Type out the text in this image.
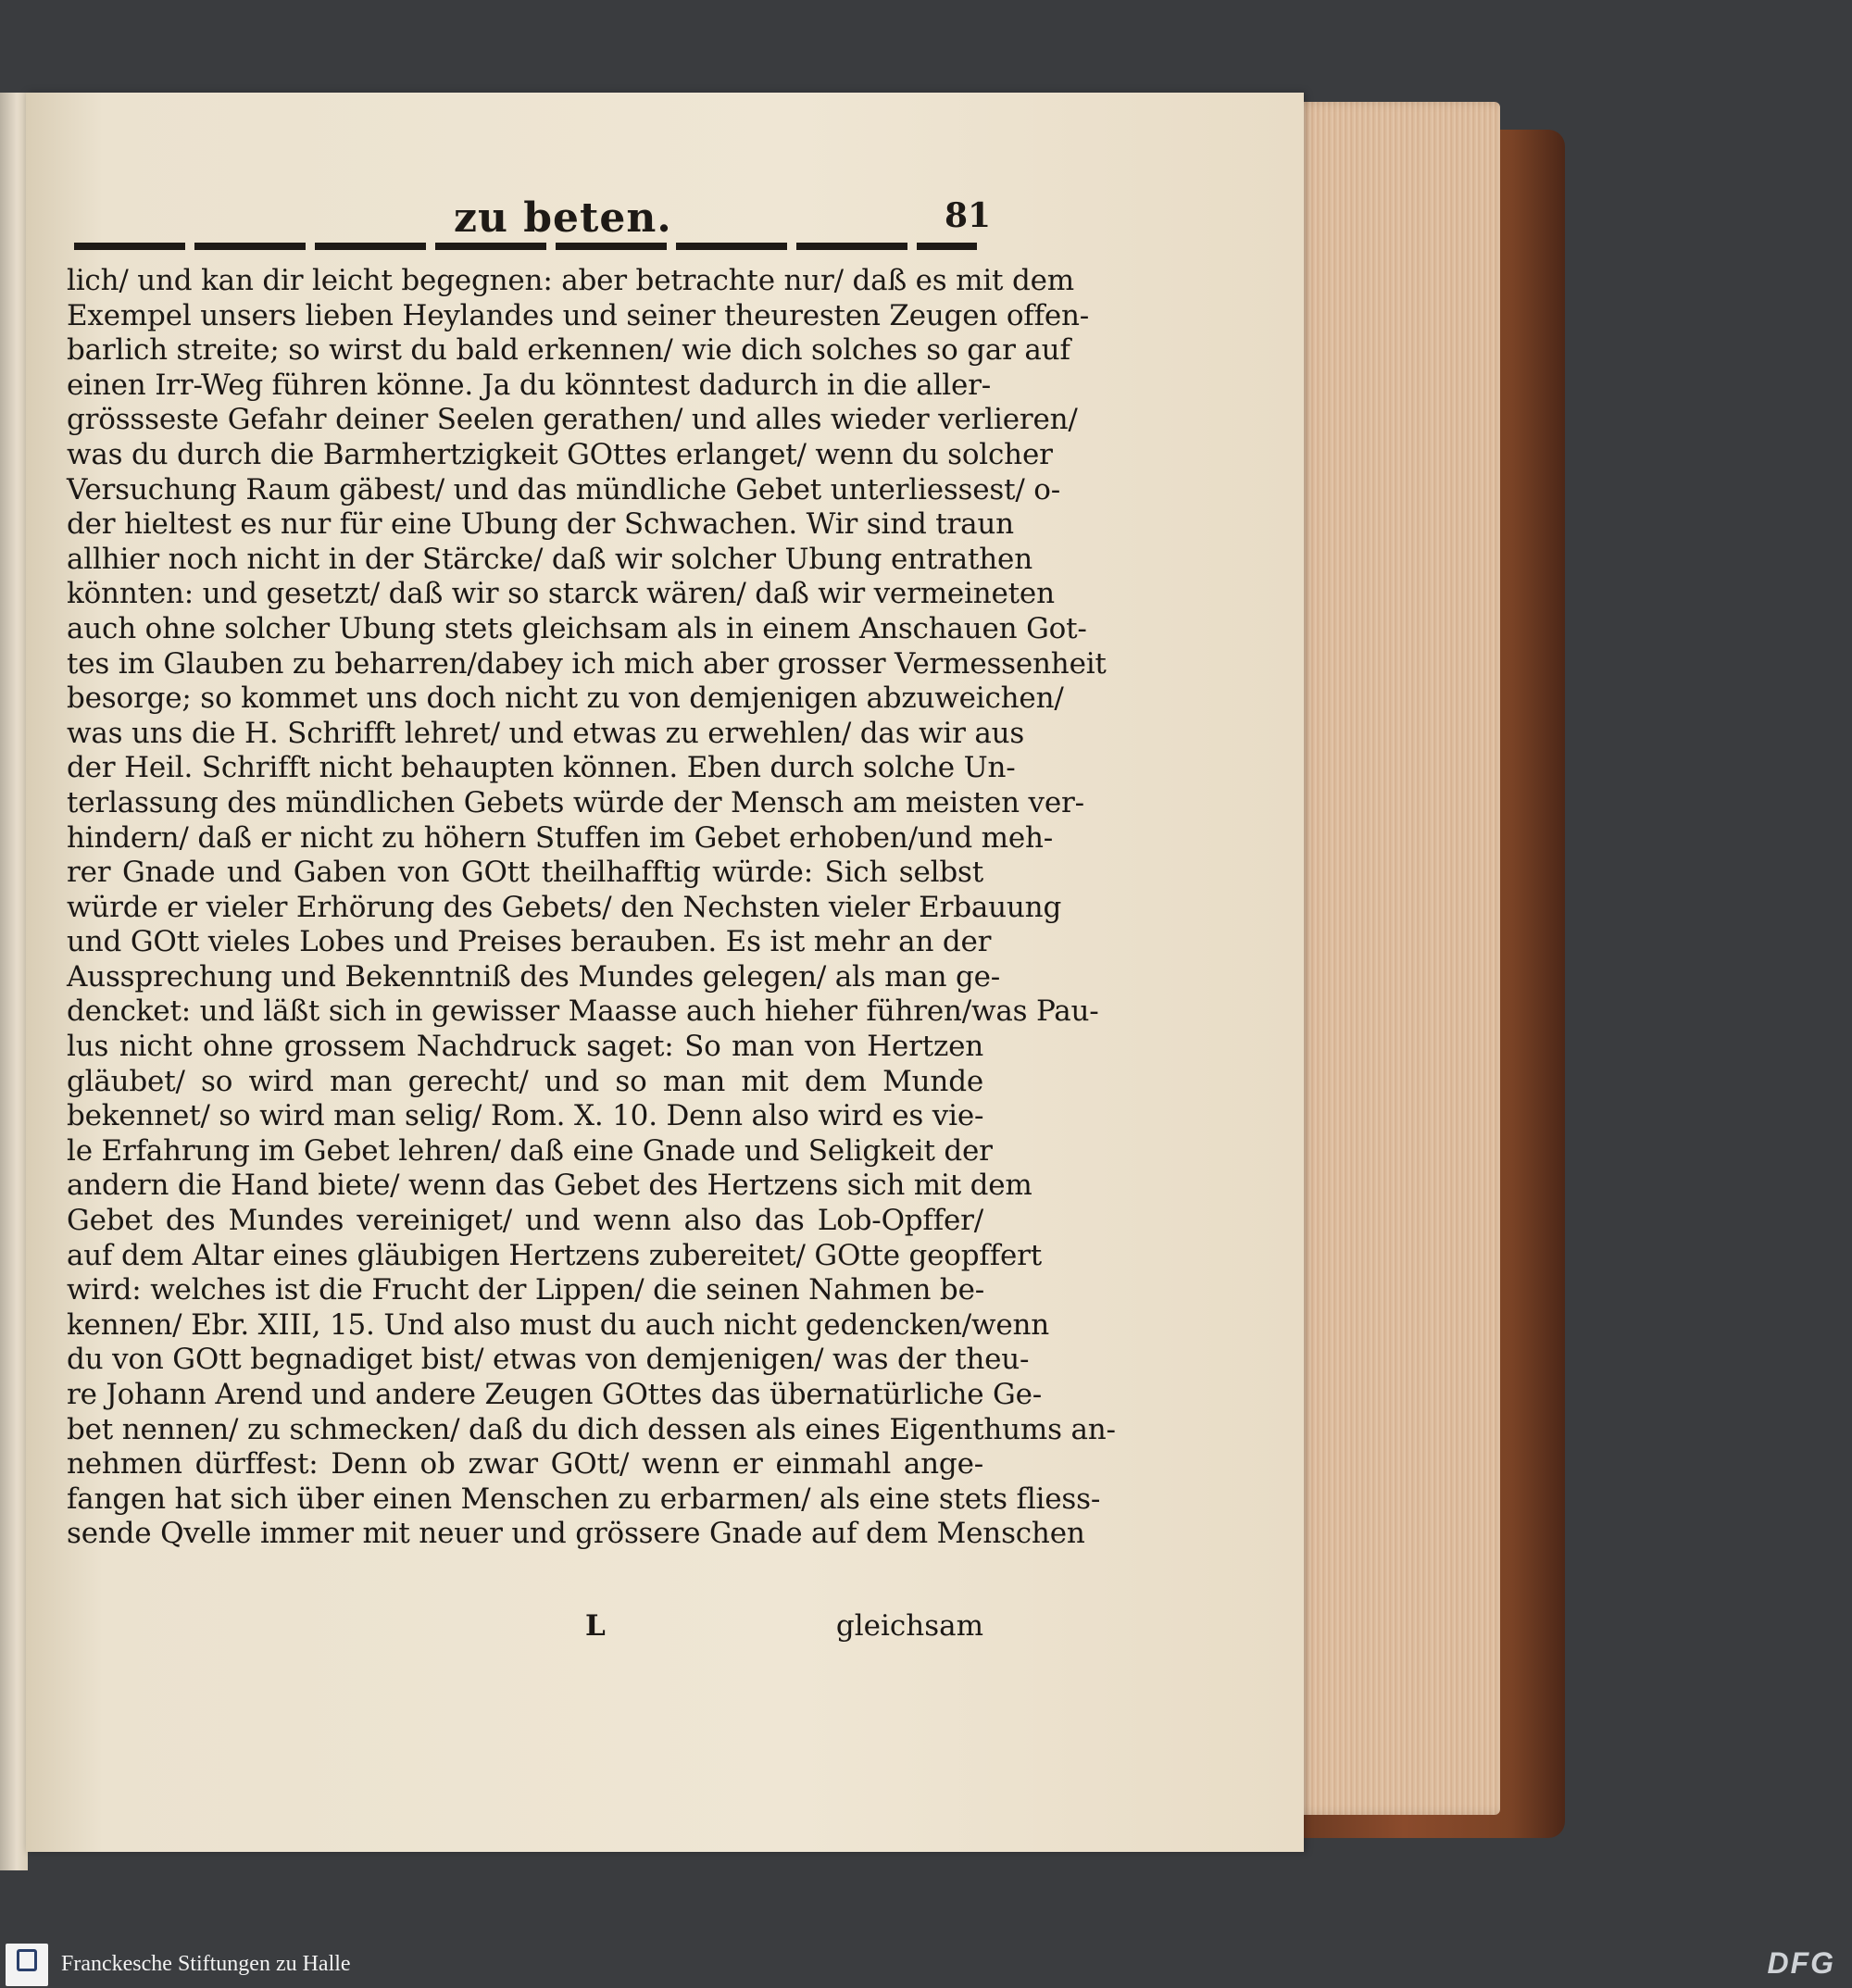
zu beten.	81
lich/ und kan dir leicht begegnen: aber betrachte nur/ daß es mit dem
Exempel unsers lieben Heylandes und seiner theuresten Zeugen offen-
barlich streite; so wirst du bald erkennen/ wie dich solches so gar auf
einen Irr-Weg führen könne. Ja du könntest dadurch in die aller-
grössseste Gefahr deiner Seelen gerathen/ und alles wieder verlieren/
was du durch die Barmhertzigkeit GOttes erlanget/ wenn du solcher
Versuchung Raum gäbest/ und das mündliche Gebet unterliessest/ o-
der hieltest es nur für eine Ubung der Schwachen. Wir sind traun
allhier noch nicht in der Stärcke/ daß wir solcher Ubung entrathen
könnten: und gesetzt/ daß wir so starck wären/ daß wir vermeineten
auch ohne solcher Ubung stets gleichsam als in einem Anschauen Got-
tes im Glauben zu beharren/dabey ich mich aber grosser Vermessenheit
besorge; so kommet uns doch nicht zu von demjenigen abzuweichen/
was uns die H. Schrifft lehret/ und etwas zu erwehlen/ das wir aus
der Heil. Schrifft nicht behaupten können. Eben durch solche Un-
terlassung des mündlichen Gebets würde der Mensch am meisten ver-
hindern/ daß er nicht zu höhern Stuffen im Gebet erhoben/und meh-
rer Gnade und Gaben von GOtt theilhafftig würde: Sich selbst
würde er vieler Erhörung des Gebets/ den Nechsten vieler Erbauung
und GOtt vieles Lobes und Preises berauben. Es ist mehr an der
Aussprechung und Bekenntniß des Mundes gelegen/ als man ge-
dencket: und läßt sich in gewisser Maasse auch hieher führen/was Pau-
lus nicht ohne grossem Nachdruck saget: So man von Hertzen
gläubet/ so wird man gerecht/ und so man mit dem Munde
bekennet/ so wird man selig/ Rom. X. 10. Denn also wird es vie-
le Erfahrung im Gebet lehren/ daß eine Gnade und Seligkeit der
andern die Hand biete/ wenn das Gebet des Hertzens sich mit dem
Gebet des Mundes vereiniget/ und wenn also das Lob-Opffer/
auf dem Altar eines gläubigen Hertzens zubereitet/ GOtte geopffert
wird: welches ist die Frucht der Lippen/ die seinen Nahmen be-
kennen/ Ebr. XIII, 15. Und also must du auch nicht gedencken/wenn
du von GOtt begnadiget bist/ etwas von demjenigen/ was der theu-
re Johann Arend und andere Zeugen GOttes das übernatürliche Ge-
bet nennen/ zu schmecken/ daß du dich dessen als eines Eigenthums an-
nehmen dürffest: Denn ob zwar GOtt/ wenn er einmahl ange-
fangen hat sich über einen Menschen zu erbarmen/ als eine stets fliess-
sende Qvelle immer mit neuer und grössere Gnade auf dem Menschen
L	gleichsam
Franckesche Stiftungen zu Halle	DFG
